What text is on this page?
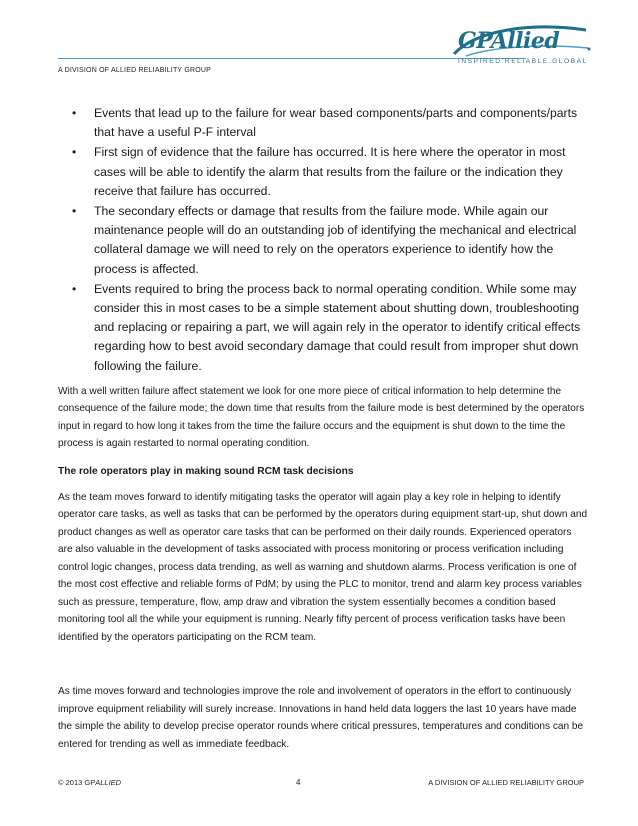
A DIVISION OF ALLIED RELIABILITY GROUP
GPAllied
INSPIRED.RELIABLE.GLOBAL
• Events that lead up to the failure for wear based components/parts and components/parts that have a useful P-F interval
• First sign of evidence that the failure has occurred. It is here where the operator in most cases will be able to identify the alarm that results from the failure or the indication they receive that failure has occurred.
• The secondary effects or damage that results from the failure mode. While again our maintenance people will do an outstanding job of identifying the mechanical and electrical collateral damage we will need to rely on the operators experience to identify how the process is affected.
• Events required to bring the process back to normal operating condition. While some may consider this in most cases to be a simple statement about shutting down, troubleshooting and replacing or repairing a part, we will again rely in the operator to identify critical effects regarding how to best avoid secondary damage that could result from improper shut down following the failure.

With a well written failure affect statement we look for one more piece of critical information to help determine the consequence of the failure mode; the down time that results from the failure mode is best determined by the operators input in regard to how long it takes from the time the failure occurs and the equipment is shut down to the time the process is again restarted to normal operating condition.

The role operators play in making sound RCM task decisions

As the team moves forward to identify mitigating tasks the operator will again play a key role in helping to identify operator care tasks, as well as tasks that can be performed by the operators during equipment start-up, shut down and product changes as well as operator care tasks that can be performed on their daily rounds. Experienced operators are also valuable in the development of tasks associated with process monitoring or process verification including control logic changes, process data trending, as well as warning and shutdown alarms. Process verification is one of the most cost effective and reliable forms of PdM; by using the PLC to monitor, trend and alarm key process variables such as pressure, temperature, flow, amp draw and vibration the system essentially becomes a condition based monitoring tool all the while your equipment is running. Nearly fifty percent of process verification tasks have been identified by the operators participating on the RCM team.

As time moves forward and technologies improve the role and involvement of operators in the effort to continuously improve equipment reliability will surely increase. Innovations in hand held data loggers the last 10 years have made the simple the ability to develop precise operator rounds where critical pressures, temperatures and conditions can be entered for trending as well as immediate feedback.

© 2013 GPALLIED	4	A DIVISION OF ALLIED RELIABILITY GROUP
